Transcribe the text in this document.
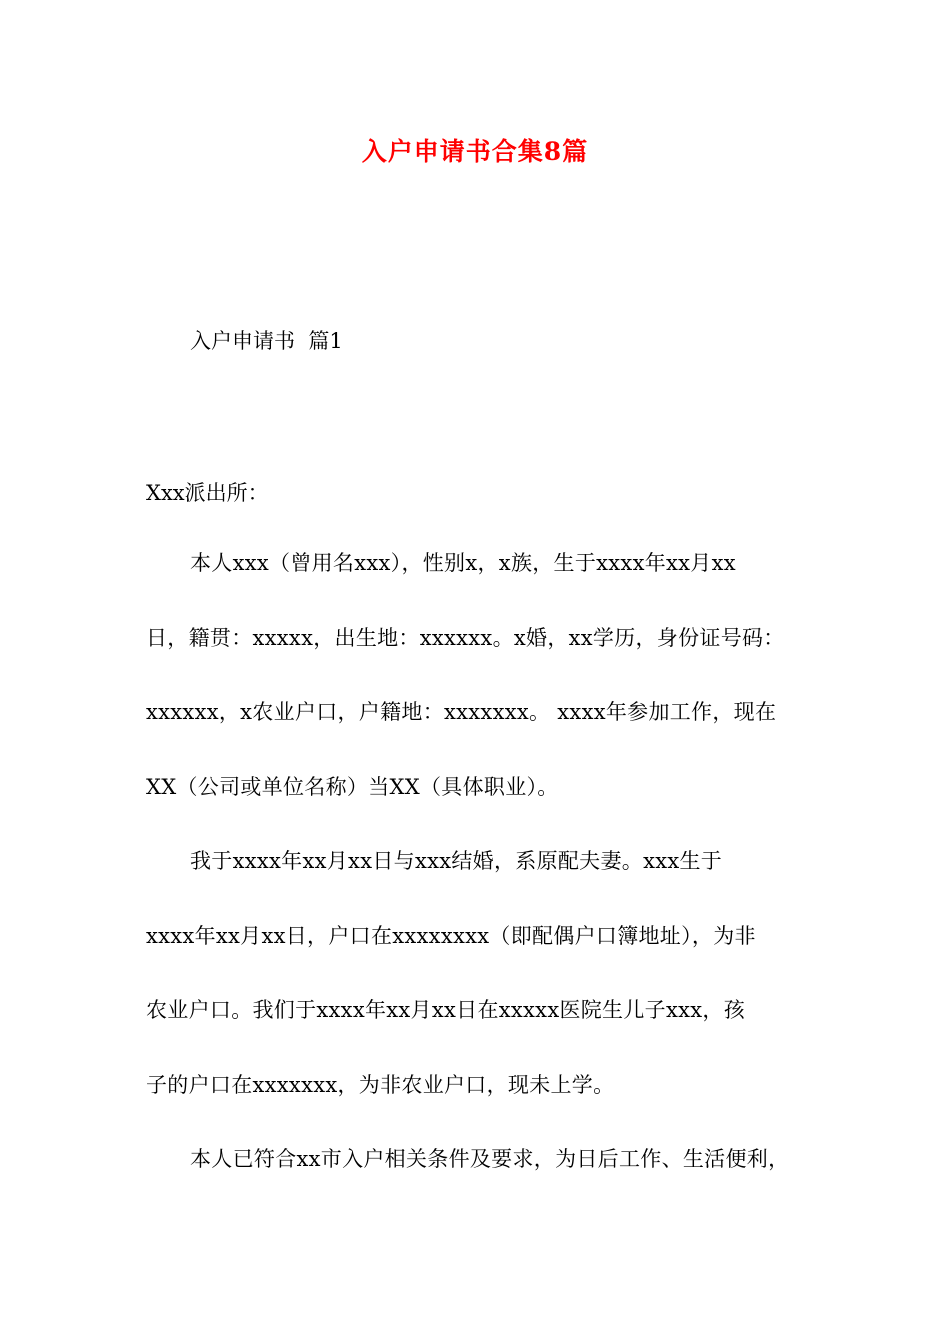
入户申请书合集8篇
入户申请书  篇1
Xxx派出所：
本人xxx（曾用名xxx），性别x，x族，生于xxxx年xx月xx
日，籍贯：xxxxx，出生地：xxxxxx。x婚，xx学历，身份证号码：
xxxxxx，x农业户口，户籍地：xxxxxxx。 xxxx年参加工作，现在
XX（公司或单位名称）当XX（具体职业）。
我于xxxx年xx月xx日与xxx结婚，系原配夫妻。xxx生于
xxxx年xx月xx日，户口在xxxxxxxx（即配偶户口簿地址），为非
农业户口。我们于xxxx年xx月xx日在xxxxx医院生儿子xxx，孩
子的户口在xxxxxxx，为非农业户口，现未上学。
本人已符合xx市入户相关条件及要求，为日后工作、生活便利，
